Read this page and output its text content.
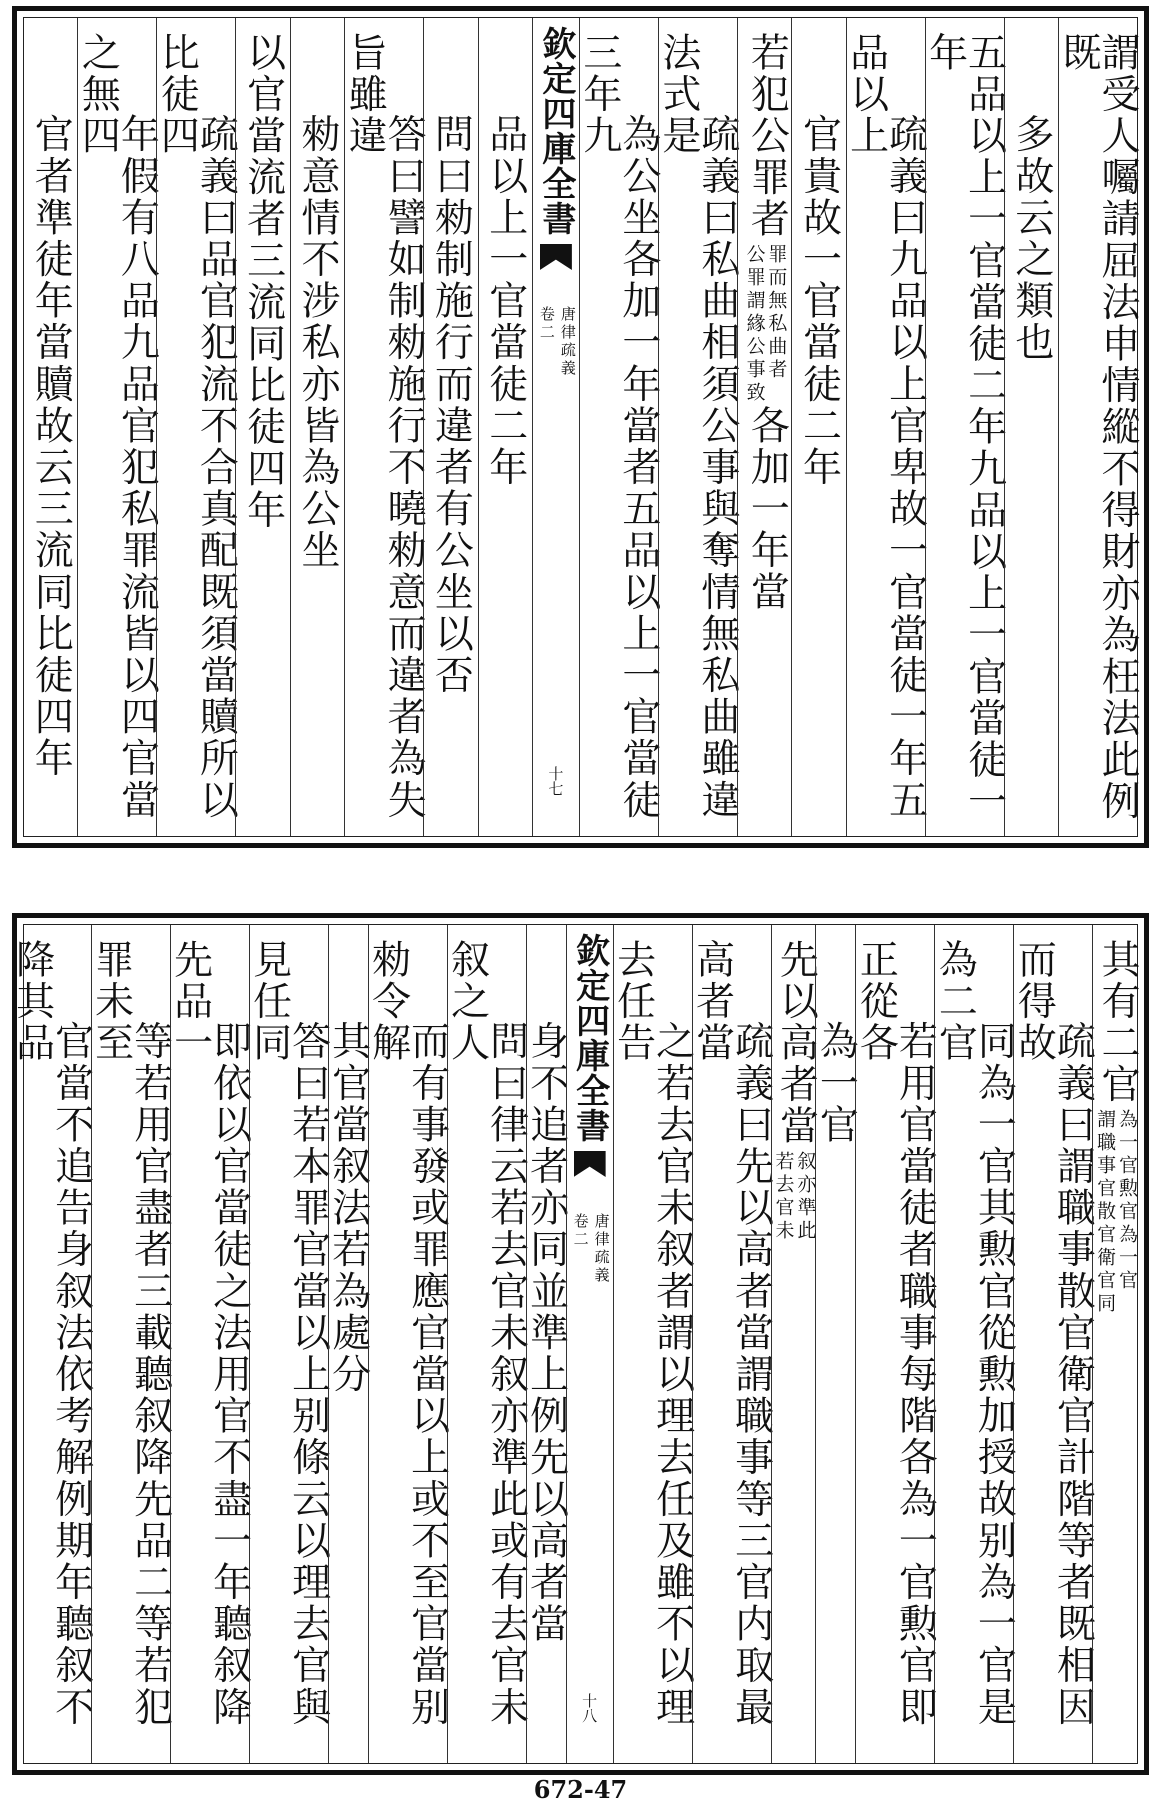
謂受人囑請屈法申情縱不得財亦為枉法此例既
多故云之類也
五品以上一官當徒二年九品以上一官當徒一年
疏義曰九品以上官卑故一官當徒一年五品以上
官貴故一官當徒二年
若犯公罪者公罪謂緣公事致罪而無私曲者各加一年當
疏義曰私曲相須公事與奪情無私曲雖違法式是
為公坐各加一年當者五品以上一官當徒三年九
欽定四庫全書
唐律疏義
卷二
十七
品以上一官當徒二年
問曰勑制施行而違者有公坐以否
答曰譬如制勑施行不曉勑意而違者為失旨雖違
勑意情不涉私亦皆為公坐
以官當流者三流同比徒四年
疏義曰品官犯流不合真配既須當贖所以比徒四
年假有八品九品官犯私罪流皆以四官當之無四
官者準徒年當贖故云三流同比徒四年
其有二官謂職事官散官衛官同為一官勲官為一官
疏義曰謂職事散官衛官計階等者既相因而得故
同為一官其勲官從勲加授故别為一官是為二官
若用官當徒者職事每階各為一官勲官即正從各
為一官
先以高者當若去官未叙亦準此
疏義曰先以高者當謂職事等三官内取最高者當
之若去官未叙者謂以理去任及雖不以理去任告
欽定四庫全書
唐律疏義
卷二
十八
身不追者亦同並準上例先以高者當
問曰律云若去官未叙亦準此或有去官未叙之人
而有事發或罪應官當以上或不至官當别勑令解
其官當叙法若為處分
答曰若本罪官當以上别條云以理去官與見任同
即依以官當徒之法用官不盡一年聽叙降先品一
等若用官盡者三載聽叙降先品二等若犯罪未至
官當不追告身叙法依考解例期年聽叙不降其品
672-47
